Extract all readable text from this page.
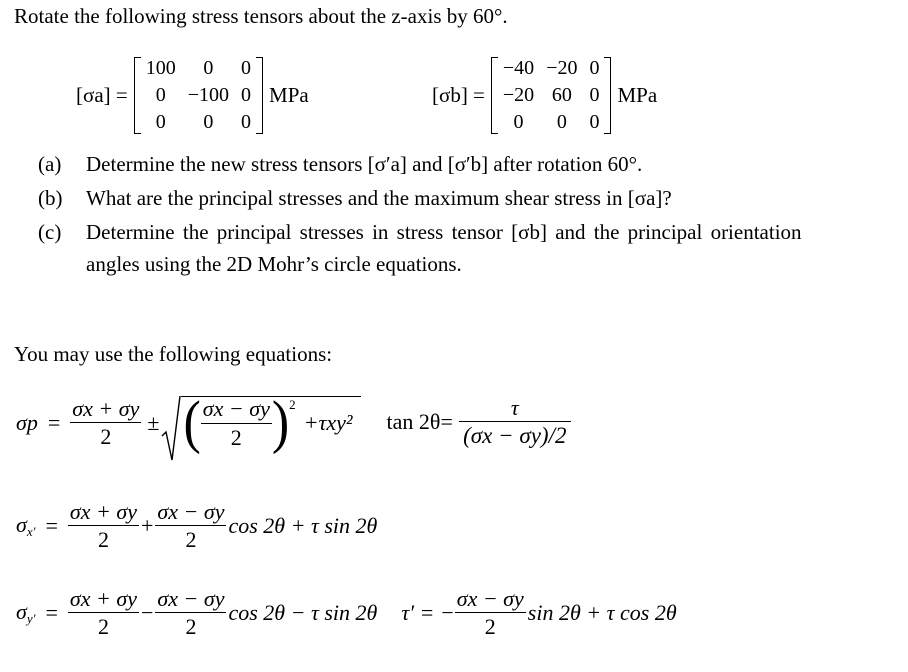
Rotate the following stress tensors about the z-axis by 60°.
[σa] =
100	0	0
0	−100	0
0	0	0
MPa	[σb] =
−40	−20	0
−20	60	0
0	0	0
MPa
(a) Determine the new stress tensors [σ′a] and [σ′b] after rotation 60°.
(b) What are the principal stresses and the maximum shear stress in [σa]?
(c) Determine the principal stresses in stress tensor [σb] and the principal orientation
angles using the 2D Mohr’s circle equations.
You may use the following equations:
$\sigma p = \frac{\sigma x + \sigma y}{2}$ ± ( $\frac{\sigma x - \sigma y}{2}$ ) 2
+τxy² $\tan 2\theta= \frac{\tau}{(\sigma x - \sigma y)/2}$
$\sigma_{x'} = \frac{\sigma x + \sigma y}{2} + \frac{\sigma x - \sigma y}{2}$ cos 2θ + τ sin 2θ
$\sigma_{y'} = \frac{\sigma x + \sigma y}{2} - \frac{\sigma x - \sigma y}{2}$ cos 2θ − τ sin 2θ τ′ = − $\frac{\sigma x - \sigma y}{2}$ sin 2θ + τ cos 2θ
